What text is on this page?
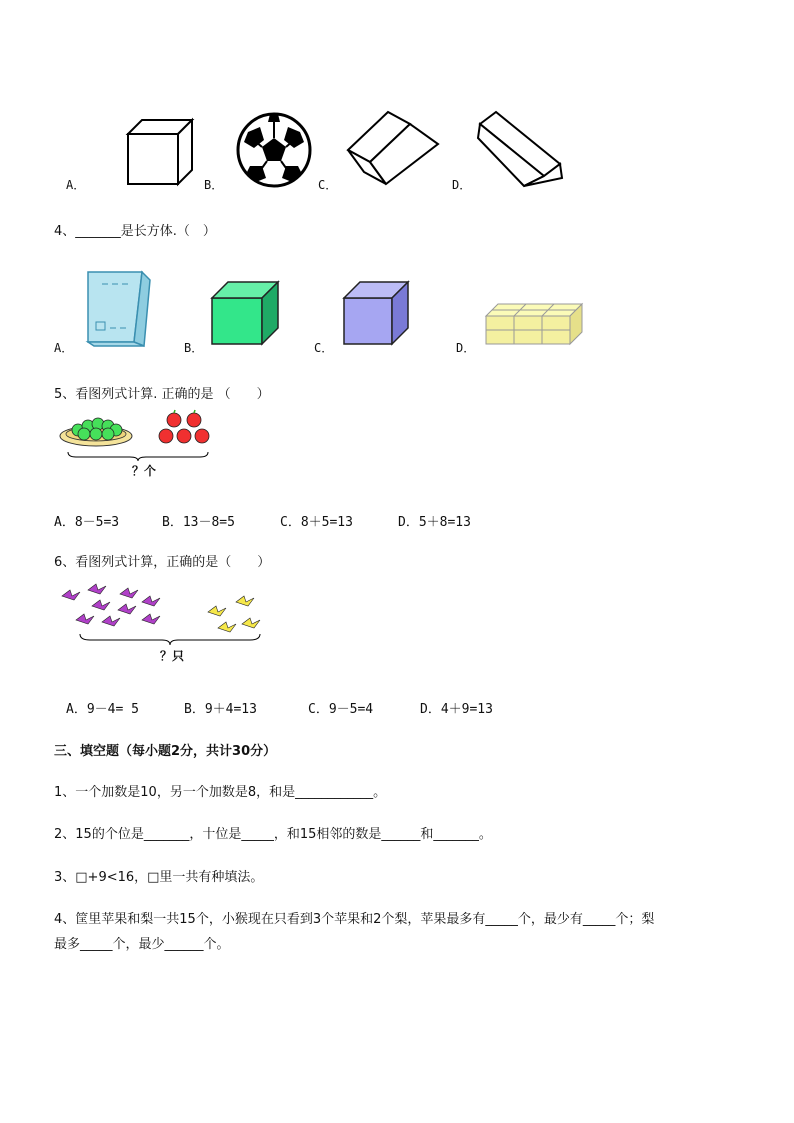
A．	B．	C．	D．
4、_______是长方体.（　）
A．	B．	C．	D．
5、看图列式计算. 正确的是 （　　）
？个
A．8－5=3	B．13－8=5	C．8＋5=13	D．5＋8=13
6、看图列式计算，正确的是（　　）
？只
A．9－4= 5	B．9＋4=13	C．9－5=4	D．4＋9=13
三、填空题（每小题2分，共计30分）
1、一个加数是10，另一个加数是8，和是____________。
2、15的个位是_______，十位是_____，和15相邻的数是______和_______。
3、□+9<16，□里一共有种填法。
4、筐里苹果和梨一共15个，小猴现在只看到3个苹果和2个梨，苹果最多有_____个，最少有_____个；梨
最多_____个，最少______个。
